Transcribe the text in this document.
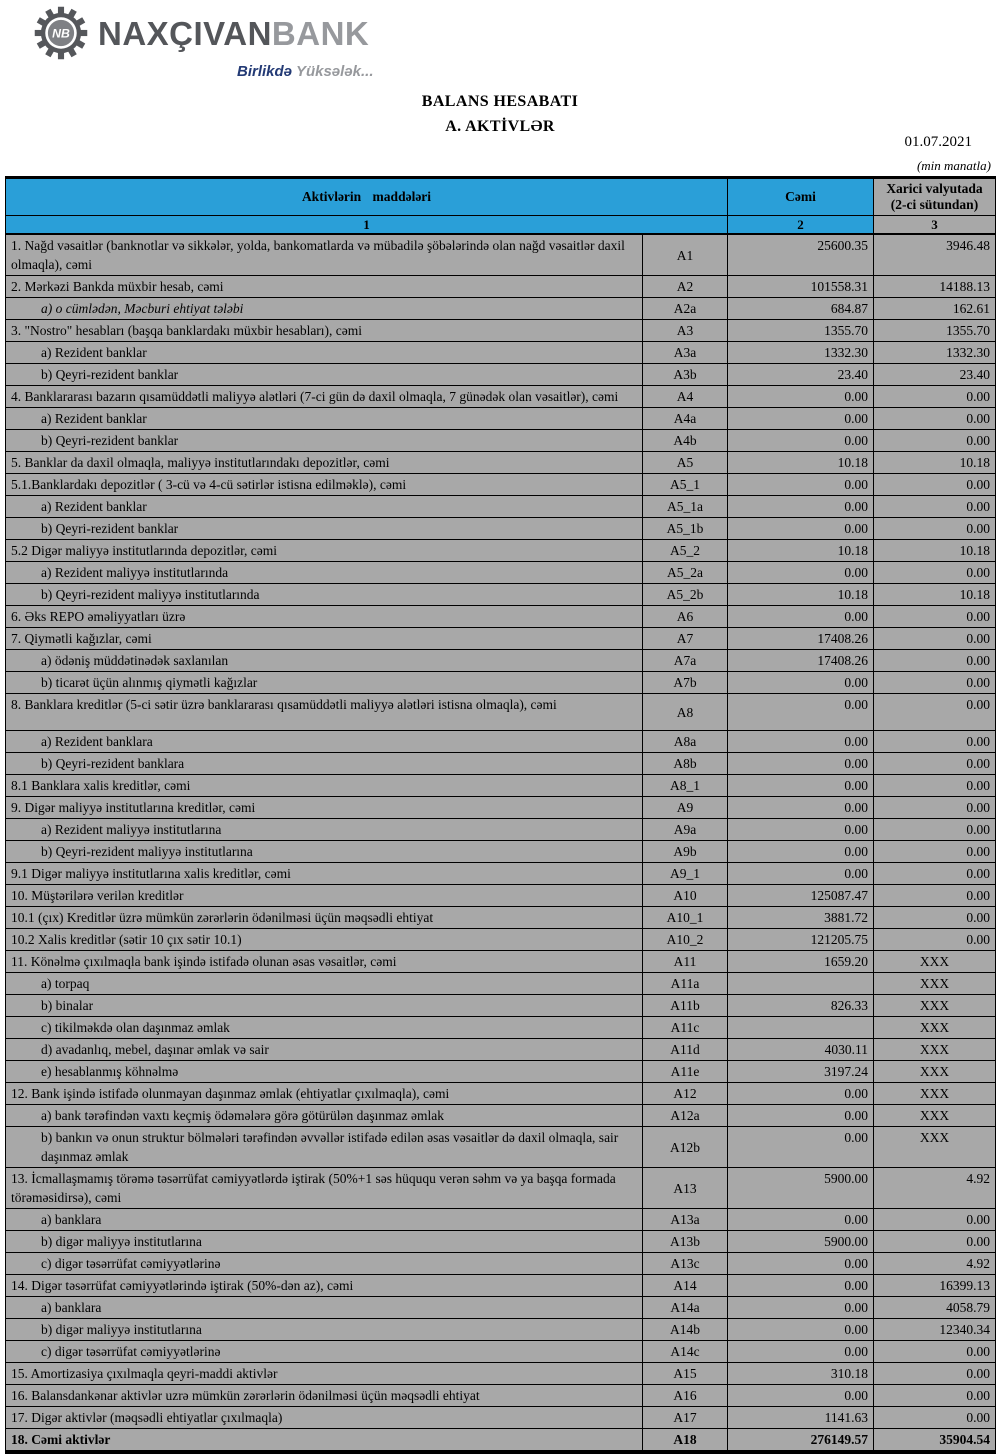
NB NAXÇIVANBANK
Birlikdə Yüksələk...
BALANS HESABATI
A. AKTİVLƏR
01.07.2021
(min manatla)
Aktivlərin maddələri		Cəmi	Xarici valyutada (2-ci sütundan)
1		2	3
1. Nağd vəsaitlər (banknotlar və sikkələr, yolda, bankomatlarda və mübadilə şöbələrində olan nağd vəsaitlər daxil olmaqla), cəmi	A1	25600.35	3946.48
2. Mərkəzi Bankda müxbir hesab, cəmi	A2	101558.31	14188.13
a) o cümlədən, Məcburi ehtiyat tələbi	A2a	684.87	162.61
3. "Nostro" hesabları (başqa banklardakı müxbir hesabları), cəmi	A3	1355.70	1355.70
a) Rezident banklar	A3a	1332.30	1332.30
b) Qeyri-rezident banklar	A3b	23.40	23.40
4. Banklararası bazarın qısamüddətli maliyyə alətləri (7-ci gün də daxil olmaqla, 7 günədək olan vəsaitlər), cəmi	A4	0.00	0.00
a) Rezident banklar	A4a	0.00	0.00
b) Qeyri-rezident banklar	A4b	0.00	0.00
5. Banklar da daxil olmaqla, maliyyə institutlarındakı depozitlər, cəmi	A5	10.18	10.18
5.1.Banklardakı depozitlər ( 3-cü və 4-cü sətirlər istisna edilməklə), cəmi	A5_1	0.00	0.00
a) Rezident banklar	A5_1a	0.00	0.00
b) Qeyri-rezident banklar	A5_1b	0.00	0.00
5.2 Digər maliyyə institutlarında depozitlər, cəmi	A5_2	10.18	10.18
a) Rezident maliyyə institutlarında	A5_2a	0.00	0.00
b) Qeyri-rezident maliyyə institutlarında	A5_2b	10.18	10.18
6. Əks REPO əməliyyatları üzrə	A6	0.00	0.00
7. Qiymətli kağızlar, cəmi	A7	17408.26	0.00
a) ödəniş müddətinədək saxlanılan	A7a	17408.26	0.00
b) ticarət üçün alınmış qiymətli kağızlar	A7b	0.00	0.00
8. Banklara kreditlər (5-ci sətir üzrə banklararası qısamüddətli maliyyə alətləri istisna olmaqla), cəmi	A8	0.00	0.00
a) Rezident banklara	A8a	0.00	0.00
b) Qeyri-rezident banklara	A8b	0.00	0.00
8.1 Banklara xalis kreditlər, cəmi	A8_1	0.00	0.00
9. Digər maliyyə institutlarına kreditlər, cəmi	A9	0.00	0.00
a) Rezident maliyyə institutlarına	A9a	0.00	0.00
b) Qeyri-rezident maliyyə institutlarına	A9b	0.00	0.00
9.1 Digər maliyyə institutlarına xalis kreditlər, cəmi	A9_1	0.00	0.00
10. Müştərilərə verilən kreditlər	A10	125087.47	0.00
10.1 (çıx) Kreditlər üzrə mümkün zərərlərin ödənilməsi üçün məqsədli ehtiyat	A10_1	3881.72	0.00
10.2 Xalis kreditlər (sətir 10 çıx sətir 10.1)	A10_2	121205.75	0.00
11. Könəlmə çıxılmaqla bank işində istifadə olunan əsas vəsaitlər, cəmi	A11	1659.20	XXX
a) torpaq	A11a		XXX
b) binalar	A11b	826.33	XXX
c) tikilməkdə olan daşınmaz əmlak	A11c		XXX
d) avadanlıq, mebel, daşınar əmlak və sair	A11d	4030.11	XXX
e) hesablanmış köhnəlmə	A11e	3197.24	XXX
12. Bank işində istifadə olunmayan daşınmaz əmlak (ehtiyatlar çıxılmaqla), cəmi	A12	0.00	XXX
a) bank tərəfindən vaxtı keçmiş ödəmələrə görə götürülən daşınmaz əmlak	A12a	0.00	XXX
b) bankın və onun struktur bölmələri tərəfindən əvvəllər istifadə edilən əsas vəsaitlər də daxil olmaqla, sair daşınmaz əmlak	A12b	0.00	XXX
13. İcmallaşmamış törəmə təsərrüfat cəmiyyətlərdə iştirak (50%+1 səs hüququ verən səhm və ya başqa formada törəməsidirsə), cəmi	A13	5900.00	4.92
a) banklara	A13a	0.00	0.00
b) digər maliyyə institutlarına	A13b	5900.00	0.00
c) digər təsərrüfat cəmiyyətlərinə	A13c	0.00	4.92
14. Digər təsərrüfat cəmiyyətlərində iştirak (50%-dən az), cəmi	A14	0.00	16399.13
a) banklara	A14a	0.00	4058.79
b) digər maliyyə institutlarına	A14b	0.00	12340.34
c) digər təsərrüfat cəmiyyətlərinə	A14c	0.00	0.00
15. Amortizasiya çıxılmaqla qeyri-maddi aktivlər	A15	310.18	0.00
16. Balansdankənar aktivlər uzrə mümkün zərərlərin ödənilməsi üçün məqsədli ehtiyat	A16	0.00	0.00
17. Digər aktivlər (məqsədli ehtiyatlar çıxılmaqla)	A17	1141.63	0.00
18. Cəmi aktivlər	A18	276149.57	35904.54
